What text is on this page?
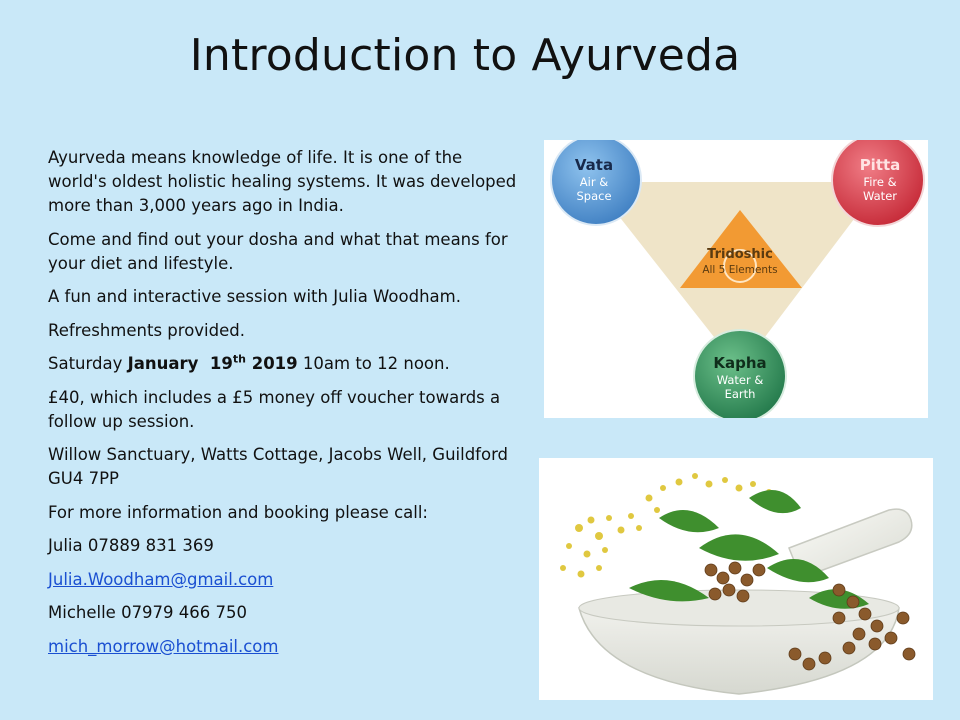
Introduction to Ayurveda

Ayurveda means knowledge of life. It is one of the world's oldest holistic healing systems. It was developed more than 3,000 years ago in India.

Come and find out your dosha and what that means for your diet and lifestyle.

A fun and interactive session with Julia Woodham.

Refreshments provided.

Saturday January 19th 2019 10am to 12 noon.

£40, which includes a £5 money off voucher towards a follow up session.

Willow Sanctuary, Watts Cottage, Jacobs Well, Guildford GU4 7PP

For more information and booking please call:

Julia 07889 831 369

Julia.Woodham@gmail.com

Michelle 07979 466 750

mich_morrow@hotmail.com

Tridoshic
All 5 Elements
Vata
Air &
Space
Pitta
Fire &
Water
Kapha
Water &
Earth
